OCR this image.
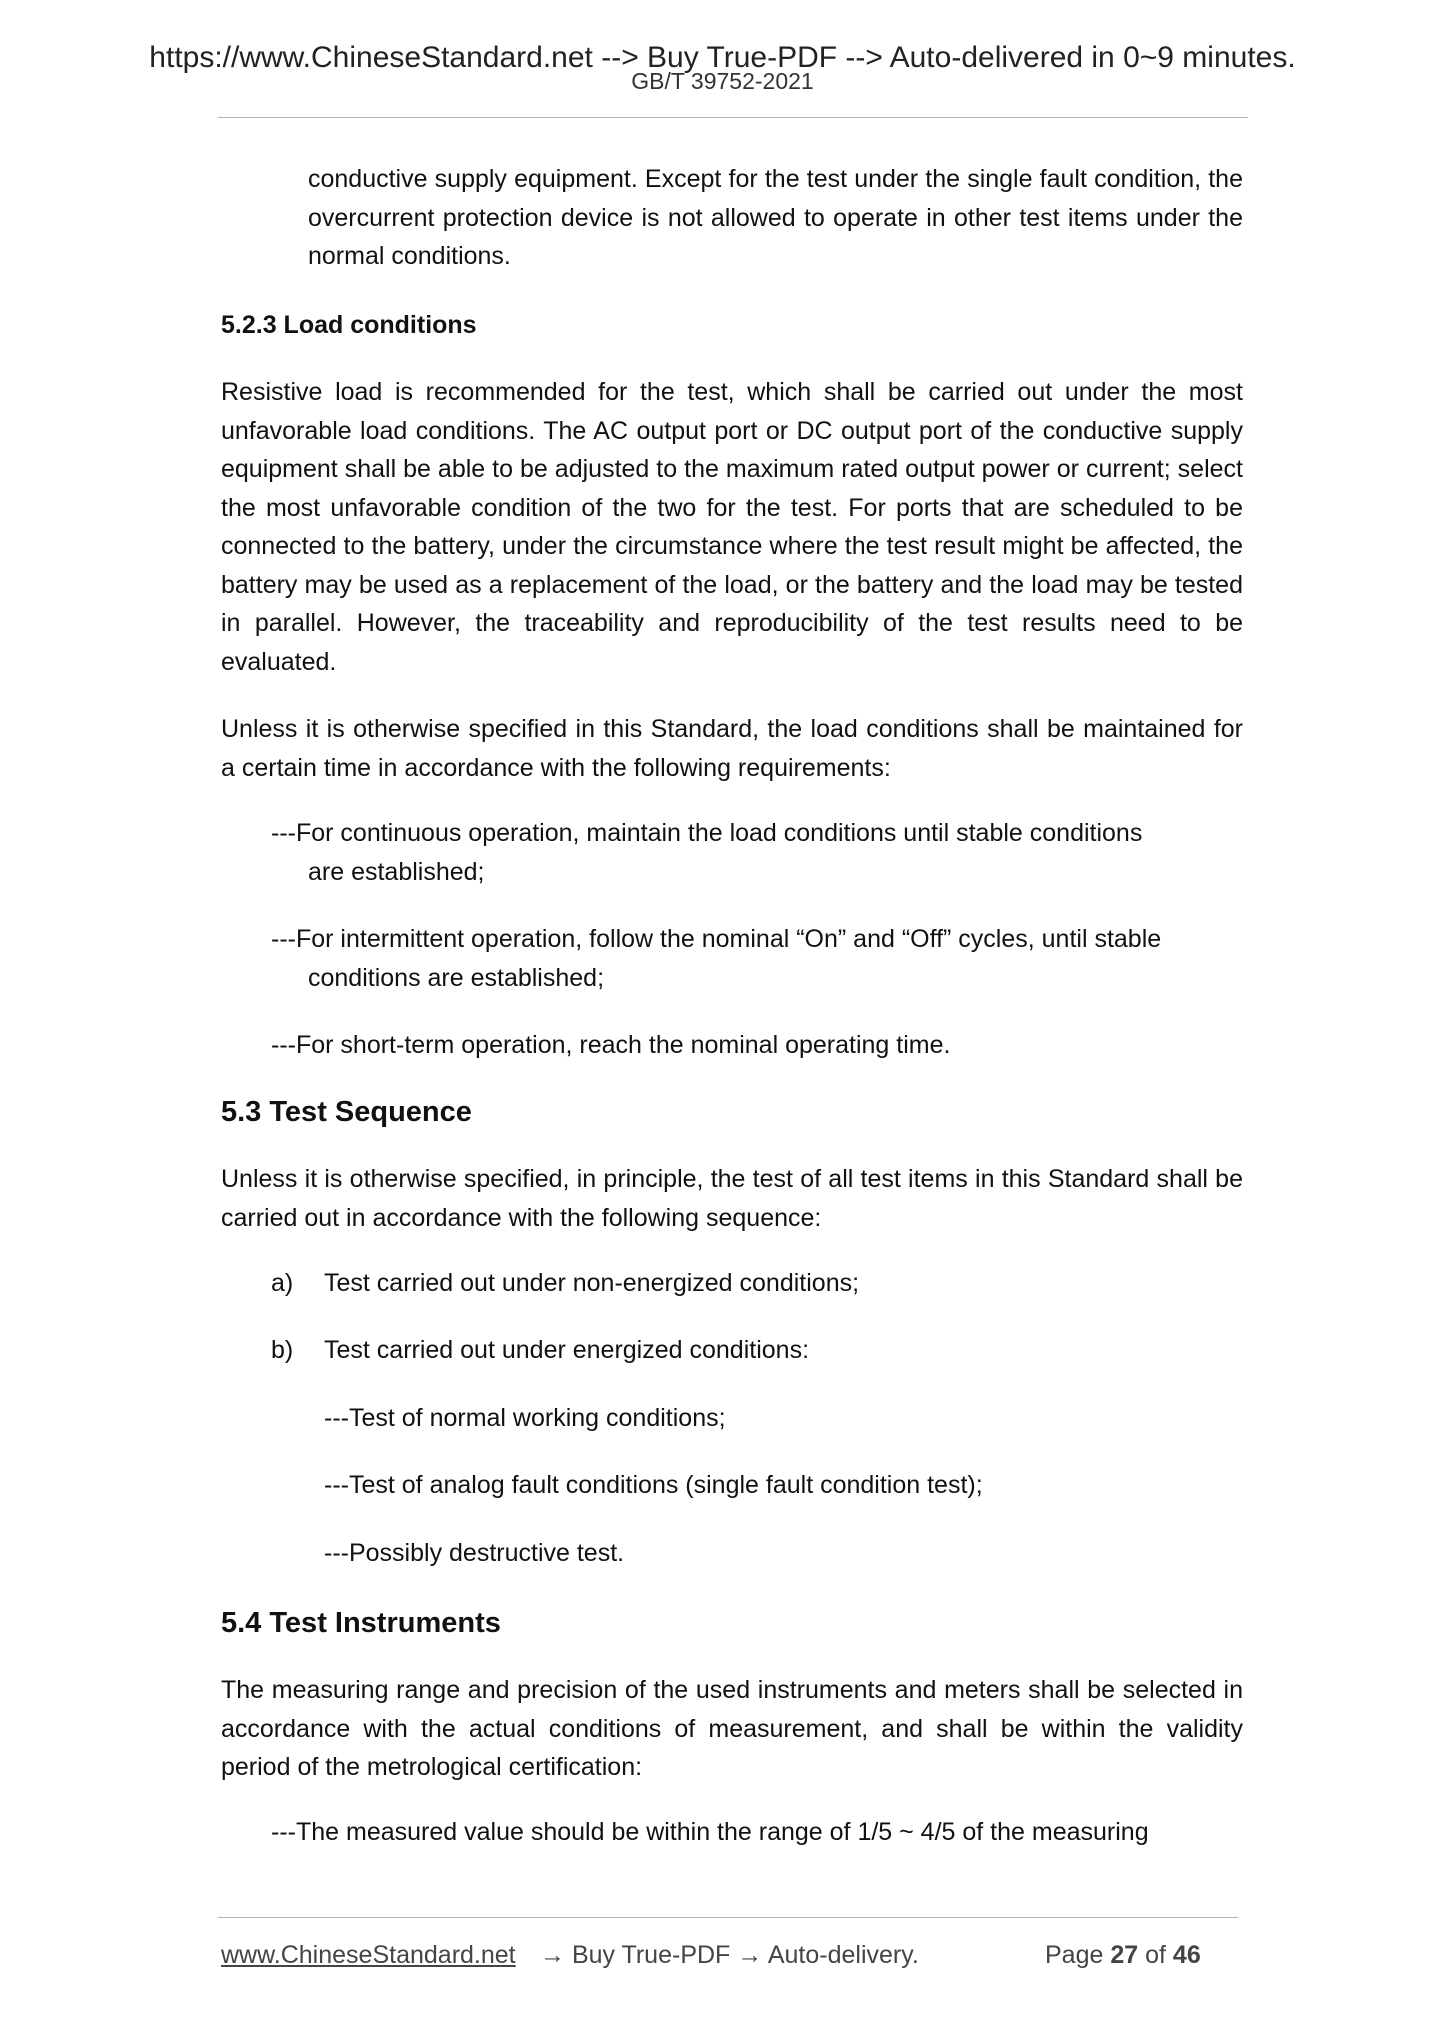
https://www.ChineseStandard.net --> Buy True-PDF --> Auto-delivered in 0~9 minutes.
GB/T 39752-2021

conductive supply equipment. Except for the test under the single fault condition, the overcurrent protection device is not allowed to operate in other test items under the normal conditions.

5.2.3 Load conditions

Resistive load is recommended for the test, which shall be carried out under the most unfavorable load conditions. The AC output port or DC output port of the conductive supply equipment shall be able to be adjusted to the maximum rated output power or current; select the most unfavorable condition of the two for the test. For ports that are scheduled to be connected to the battery, under the circumstance where the test result might be affected, the battery may be used as a replacement of the load, or the battery and the load may be tested in parallel. However, the traceability and reproducibility of the test results need to be evaluated.

Unless it is otherwise specified in this Standard, the load conditions shall be maintained for a certain time in accordance with the following requirements:

---For continuous operation, maintain the load conditions until stable conditions
are established;

---For intermittent operation, follow the nominal “On” and “Off” cycles, until stable
conditions are established;

---For short-term operation, reach the nominal operating time.

5.3 Test Sequence

Unless it is otherwise specified, in principle, the test of all test items in this Standard shall be carried out in accordance with the following sequence:

a) Test carried out under non-energized conditions;
b) Test carried out under energized conditions:
---Test of normal working conditions;
---Test of analog fault conditions (single fault condition test);
---Possibly destructive test.
5.4 Test Instruments

The measuring range and precision of the used instruments and meters shall be selected in accordance with the actual conditions of measurement, and shall be within the validity period of the metrological certification:

---The measured value should be within the range of 1/5 ~ 4/5 of the measuring

www.ChineseStandard.net → Buy True-PDF → Auto-delivery.	Page 27 of 46
